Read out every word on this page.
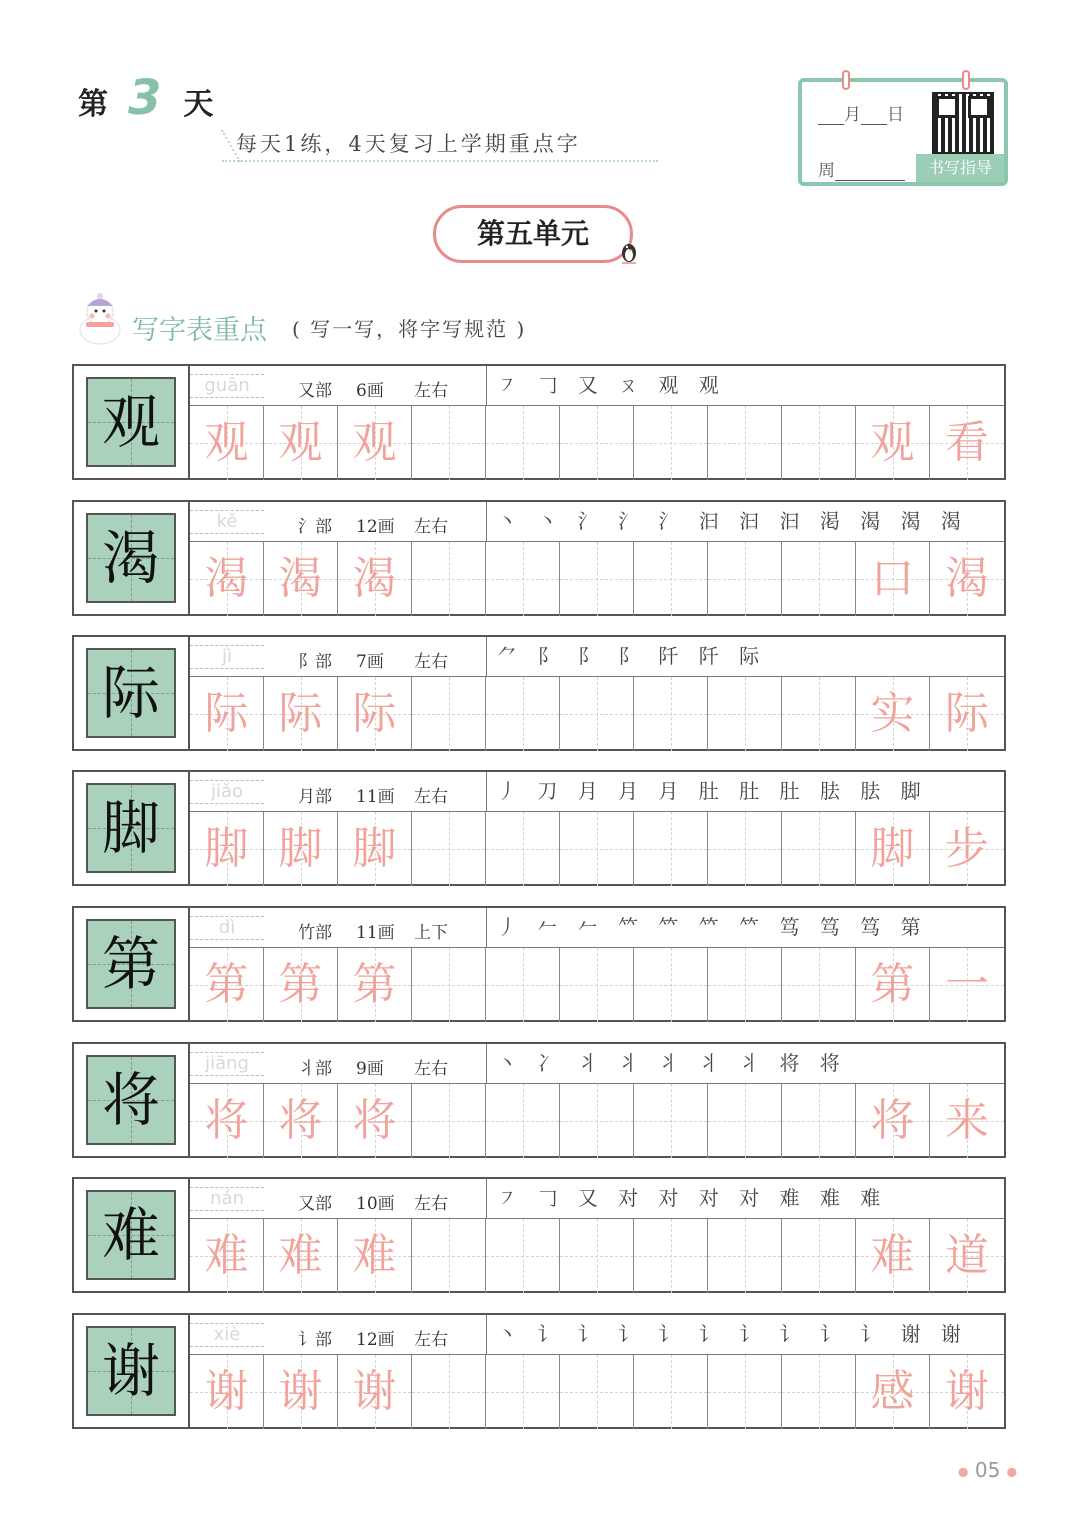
第 3 天
每天1练，4天复习上学期重点字
月 日
周	书写指导
第五单元
写字表重点 ( 写一写，将字写规范 )
观
guān	又部 6画 左右 ㇇ 𠃌 又 ㄡ 观 观
观 观 观	观 看
渴
kě	氵部 12画 左右 丶 丶 氵 氵 氵 汩 汩 汩 渇 渴 渴 渴
渴 渴 渴	口 渴
际
jì	阝部 7画 左右 ⺈ 阝 阝 阝 阡 阡 际
际 际 际	实 际
脚
jiǎo	月部 11画 左右 丿 刀 月 月 月 肚 肚 肚 胠 胠 脚
脚 脚 脚	脚 步
第
dì	竹部 11画 上下 丿 𠂉 𠂉 𥫗 𥫗 𥫗 𥫗 笃 笃 笃 第
第 第 第	第 一
将
jiāng	丬部 9画 左右 丶 冫 丬 丬 丬 丬 丬 将 将
将 将 将	将 来
难
nán	又部 10画 左右 ㇇ 𠃌 又 对 对 对 对 难 难 难
难 难 难	难 道
谢
xiè	讠部 12画 左右 丶 讠 讠 讠 讠 讠 讠 讠 讠 讠 谢 谢
谢 谢 谢	感 谢
● 05 ●
